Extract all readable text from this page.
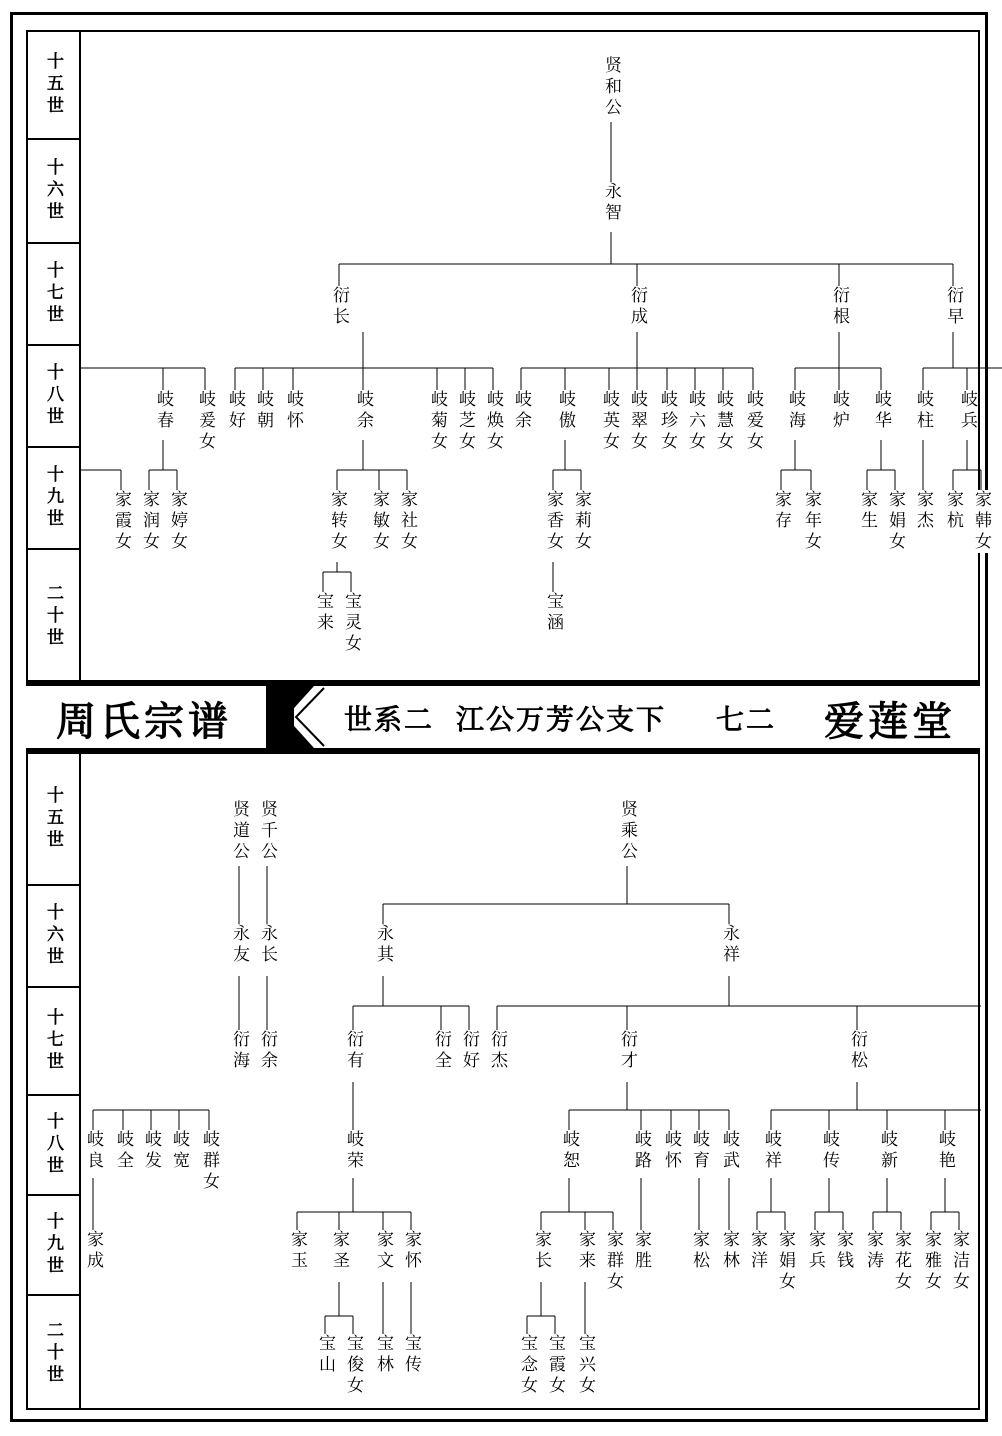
十五世
十六世
十七世
十八世
十九世
二十世
贤和公
永智
衍长	衍成	衍根	衍早
岐春 岐爰女 岐好 岐朝 岐怀	岐余	岐菊女 岐芝女 岐焕女 岐余 岐傲 岐英女 岐翠女 岐珍女 岐六女 岐慧女 岐爱女 岐海 岐炉 岐华 岐柱 岐兵
家霞女 家润女 家婷女	家转女 家敏女 家社女	家香女 家莉女	家存 家年女 家生 家娟女 家杰 家杭 家韩女
宝来 宝灵女	宝涵
周氏宗谱	世系二 江公万芳公支下 七二 爱莲堂
十五世
十六世
十七世
十八世
十九世
二十世
贤道公 贤千公	贤乘公
永友 永长	永其	永祥
衍海 衍余	衍有	衍全 衍好 衍杰	衍才	衍松
岐良 岐全 岐发 岐宽 岐群女	岐荣	岐恕	岐路 岐怀 岐育 岐武 岐祥 岐传 岐新 岐艳
家成	家玉 家圣 家文 家怀	家长 家来 家群女 家胜 家松 家林 家洋 家娟女 家兵 家钱 家涛 家花女 家雅女 家洁女
宝山 宝俊女 宝林 宝传	宝念女 宝霞女 宝兴女
